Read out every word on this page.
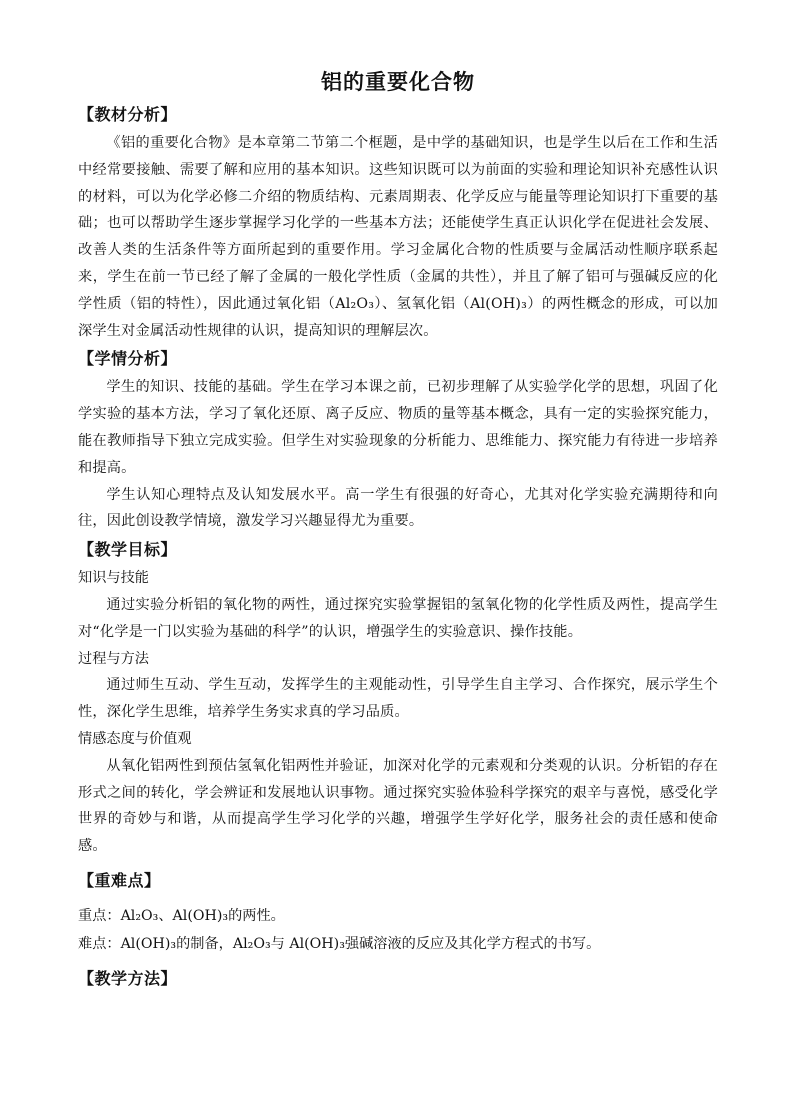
铝的重要化合物

【教材分析】

《铝的重要化合物》是本章第二节第二个框题，是中学的基础知识，也是学生以后在工作和生活中经常要接触、需要了解和应用的基本知识。这些知识既可以为前面的实验和理论知识补充感性认识的材料，可以为化学必修二介绍的物质结构、元素周期表、化学反应与能量等理论知识打下重要的基础；也可以帮助学生逐步掌握学习化学的一些基本方法；还能使学生真正认识化学在促进社会发展、改善人类的生活条件等方面所起到的重要作用。学习金属化合物的性质要与金属活动性顺序联系起来，学生在前一节已经了解了金属的一般化学性质（金属的共性），并且了解了铝可与强碱反应的化学性质（铝的特性），因此通过氧化铝（Al₂O₃）、氢氧化铝（Al(OH)₃）的两性概念的形成，可以加深学生对金属活动性规律的认识，提高知识的理解层次。

【学情分析】

学生的知识、技能的基础。学生在学习本课之前，已初步理解了从实验学化学的思想，巩固了化学实验的基本方法，学习了氧化还原、离子反应、物质的量等基本概念，具有一定的实验探究能力，能在教师指导下独立完成实验。但学生对实验现象的分析能力、思维能力、探究能力有待进一步培养和提高。

学生认知心理特点及认知发展水平。高一学生有很强的好奇心，尤其对化学实验充满期待和向往，因此创设教学情境，激发学习兴趣显得尤为重要。

【教学目标】

知识与技能

通过实验分析铝的氧化物的两性，通过探究实验掌握铝的氢氧化物的化学性质及两性，提高学生对“化学是一门以实验为基础的科学”的认识，增强学生的实验意识、操作技能。

过程与方法

通过师生互动、学生互动，发挥学生的主观能动性，引导学生自主学习、合作探究，展示学生个性，深化学生思维，培养学生务实求真的学习品质。

情感态度与价值观

从氧化铝两性到预估氢氧化铝两性并验证，加深对化学的元素观和分类观的认识。分析铝的存在形式之间的转化，学会辨证和发展地认识事物。通过探究实验体验科学探究的艰辛与喜悦，感受化学世界的奇妙与和谐，从而提高学生学习化学的兴趣，增强学生学好化学，服务社会的责任感和使命感。

【重难点】

重点：Al₂O₃、Al(OH)₃的两性。

难点：Al(OH)₃的制备，Al₂O₃与 Al(OH)₃强碱溶液的反应及其化学方程式的书写。

【教学方法】
